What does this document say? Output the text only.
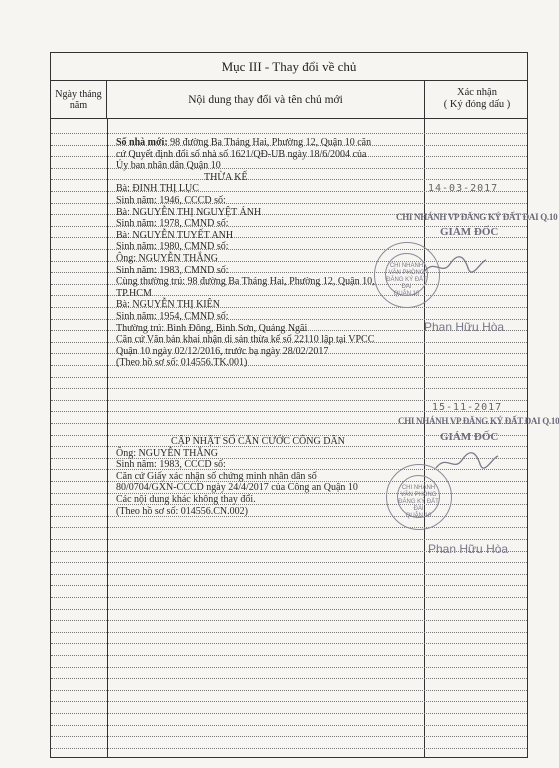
Mục III - Thay đổi về chủ
Ngày tháng
năm	Nội dung thay đổi và tên chủ mới
Xác nhận
( Ký đóng dấu )
Số nhà mới: 98 đường Ba Tháng Hai, Phường 12, Quận 10 căn
cứ Quyết định đổi số nhà số 1621/QĐ-UB ngày 18/6/2004 của
Ủy ban nhân dân Quận 10
THỪA KẾ
Bà: ĐINH THỊ LỤC
Sinh năm: 1946, CCCD số:
Bà: NGUYỄN THỊ NGUYỆT ÁNH
Sinh năm: 1978, CMND số:
Bà: NGUYỄN TUYẾT ANH
Sinh năm: 1980, CMND số:
Ông: NGUYỄN THẮNG
Sinh năm: 1983, CMND số:
Cùng thường trú: 98 đường Ba Tháng Hai, Phường 12, Quận 10,
TP.HCM
Bà: NGUYỄN THỊ KIÊN
Sinh năm: 1954, CMND số:
Thường trú: Bình Đông, Bình Sơn, Quảng Ngãi
Căn cứ Văn bản khai nhận di sản thừa kế số 22110 lập tại VPCC
Quận 10 ngày 02/12/2016, trước bạ ngày 28/02/2017
(Theo hồ sơ số: 014556.TK.001)
CẬP NHẬT SỐ CĂN CƯỚC CÔNG DÂN
Ông: NGUYỄN THẮNG
Sinh năm: 1983, CCCD số:
Căn cứ Giấy xác nhận số chứng minh nhân dân số
80/0704/GXN-CCCD ngày 24/4/2017 của Công an Quận 10
Các nội dung khác không thay đổi.
(Theo hồ sơ số: 014556.CN.002)
14-03-2017
CHI NHÁNH VP ĐĂNG KÝ ĐẤT ĐAI Q.10
GIÁM ĐỐC
CHI NHÁNH
VĂN PHÒNG
ĐĂNG KÝ ĐẤT ĐAI
QUẬN 10
Phan Hữu Hòa
15-11-2017
CHI NHÁNH VP ĐĂNG KÝ ĐẤT ĐAI Q.10
GIÁM ĐỐC
CHI NHÁNH
VĂN PHÒNG
ĐĂNG KÝ ĐẤT ĐAI
QUẬN 10
Phan Hữu Hòa
